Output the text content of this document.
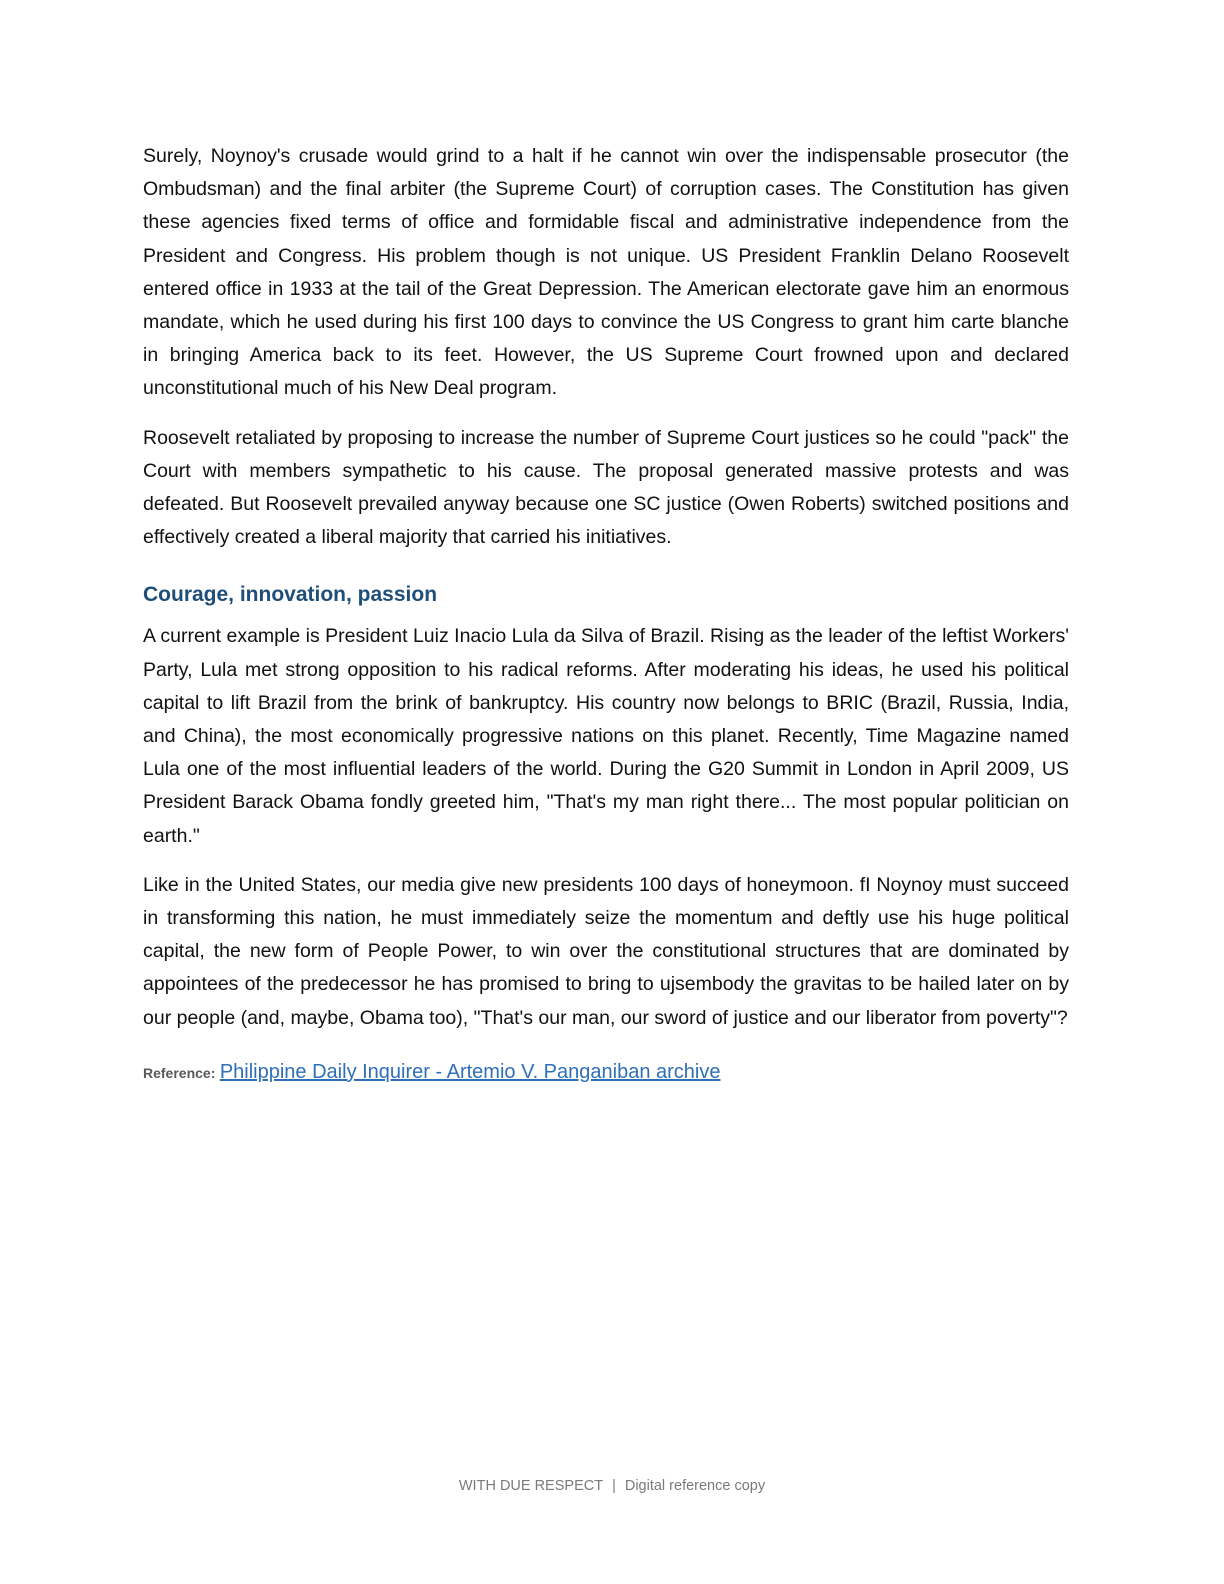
Surely, Noynoy's crusade would grind to a halt if he cannot win over the indispensable prosecutor (the Ombudsman) and the final arbiter (the Supreme Court) of corruption cases. The Constitution has given these agencies fixed terms of office and formidable fiscal and administrative independence from the President and Congress. His problem though is not unique. US President Franklin Delano Roosevelt entered office in 1933 at the tail of the Great Depression. The American electorate gave him an enormous mandate, which he used during his first 100 days to convince the US Congress to grant him carte blanche in bringing America back to its feet. However, the US Supreme Court frowned upon and declared unconstitutional much of his New Deal program.

Roosevelt retaliated by proposing to increase the number of Supreme Court justices so he could "pack" the Court with members sympathetic to his cause. The proposal generated massive protests and was defeated. But Roosevelt prevailed anyway because one SC justice (Owen Roberts) switched positions and effectively created a liberal majority that carried his initiatives.

Courage, innovation, passion

A current example is President Luiz Inacio Lula da Silva of Brazil. Rising as the leader of the leftist Workers' Party, Lula met strong opposition to his radical reforms. After moderating his ideas, he used his political capital to lift Brazil from the brink of bankruptcy. His country now belongs to BRIC (Brazil, Russia, India, and China), the most economically progressive nations on this planet. Recently, Time Magazine named Lula one of the most influential leaders of the world. During the G20 Summit in London in April 2009, US President Barack Obama fondly greeted him, "That's my man right there... The most popular politician on earth."

Like in the United States, our media give new presidents 100 days of honeymoon. fI Noynoy must succeed in transforming this nation, he must immediately seize the momentum and deftly use his huge political capital, the new form of People Power, to win over the constitutional structures that are dominated by appointees of the predecessor he has promised to bring to ujsembody the gravitas to be hailed later on by our people (and, maybe, Obama too), "That's our man, our sword of justice and our liberator from poverty"?

Reference: Philippine Daily Inquirer - Artemio V. Panganiban archive
WITH DUE RESPECT | Digital reference copy
